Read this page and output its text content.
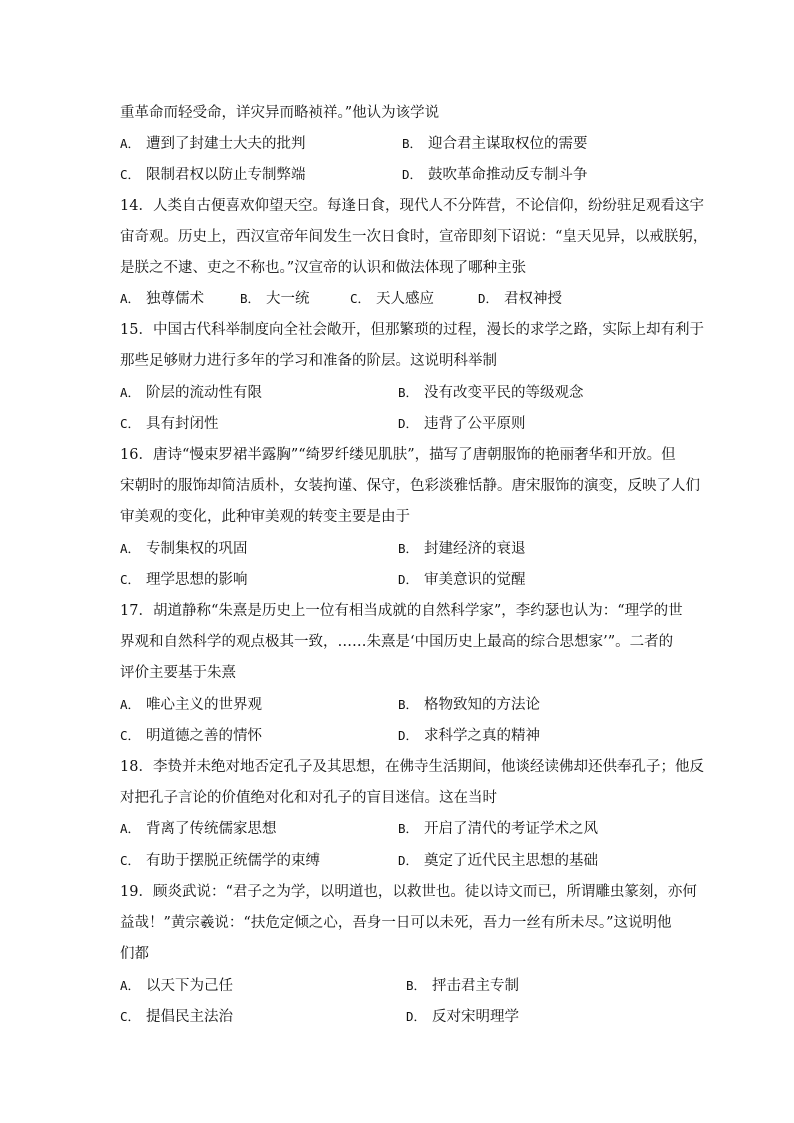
重革命而轻受命，详灾异而略祯祥。”他认为该学说
A． 遭到了封建士大夫的批判	B． 迎合君主谋取权位的需要
C． 限制君权以防止专制弊端	D． 鼓吹革命推动反专制斗争
14．人类自古便喜欢仰望天空。每逢日食，现代人不分阵营，不论信仰，纷纷驻足观看这宇
宙奇观。历史上，西汉宣帝年间发生一次日食时，宣帝即刻下诏说：“皇天见异，以戒朕躬，
是朕之不逮、吏之不称也。”汉宣帝的认识和做法体现了哪种主张
A． 独尊儒术	B． 大一统	C． 天人感应	D． 君权神授
15．中国古代科举制度向全社会敞开，但那繁琐的过程，漫长的求学之路，实际上却有利于
那些足够财力进行多年的学习和准备的阶层。这说明科举制
A． 阶层的流动性有限	B． 没有改变平民的等级观念
C． 具有封闭性	D． 违背了公平原则
16．唐诗“慢束罗裙半露胸”“绮罗纤缕见肌肤”，描写了唐朝服饰的艳丽奢华和开放。但
宋朝时的服饰却简洁质朴，女装拘谨、保守，色彩淡雅恬静。唐宋服饰的演变，反映了人们
审美观的变化，此种审美观的转变主要是由于
A． 专制集权的巩固	B． 封建经济的衰退
C． 理学思想的影响	D． 审美意识的觉醒
17．胡道静称“朱熹是历史上一位有相当成就的自然科学家”，李约瑟也认为：“理学的世
界观和自然科学的观点极其一致，……朱熹是‘中国历史上最高的综合思想家’”。二者的
评价主要基于朱熹
A． 唯心主义的世界观	B． 格物致知的方法论
C． 明道德之善的情怀	D． 求科学之真的精神
18．李贽并未绝对地否定孔子及其思想，在佛寺生活期间，他谈经读佛却还供奉孔子；他反
对把孔子言论的价值绝对化和对孔子的盲目迷信。这在当时
A． 背离了传统儒家思想	B． 开启了清代的考证学术之风
C． 有助于摆脱正统儒学的束缚	D． 奠定了近代民主思想的基础
19．顾炎武说：“君子之为学，以明道也，以救世也。徒以诗文而已，所谓雕虫篆刻，亦何
益哉！”黄宗羲说：“扶危定倾之心，吾身一日可以未死，吾力一丝有所未尽。”这说明他
们都
A． 以天下为己任	B． 抨击君主专制
C． 提倡民主法治	D． 反对宋明理学
